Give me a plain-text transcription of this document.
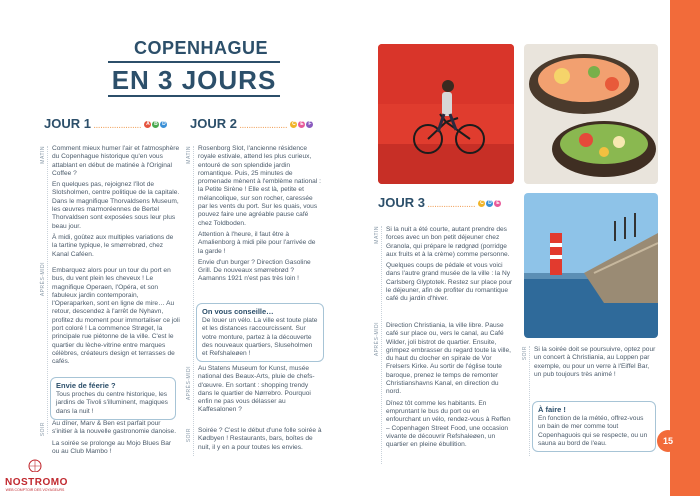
15
COPENHAGUE
EN 3 JOURS
JOUR 1 ..................... A B D
MATIN Comment mieux humer l'air et l'atmosphère du Copenhague historique qu'en vous attablant en début de matinée à l'Original Coffee ?

En quelques pas, rejoignez l'îlot de Slotsholmen, centre politique de la capitale. Dans le magnifique Thorvaldsens Museum, les œuvres marmoréennes de Bertel Thorvaldsen sont exposées sous leur plus beau jour.

À midi, goûtez aux multiples variations de la tartine typique, le smørrebrød, chez Kanal Caféen.

APRÈS-MIDI Embarquez alors pour un tour du port en bus, du vent plein les cheveux ! Le magnifique Operaen, l'Opéra, et son fabuleux jardin contemporain, l'Operaparken, sont en ligne de mire… Au retour, descendez à l'arrêt de Nyhavn, profitez du moment pour immortaliser ce joli port coloré ! La commence Strøget, la principale rue piétonne de la ville. C'est le quartier du lèche-vitrine entre marques célèbres, créateurs design et terrasses de cafés.

Envie de féerie ?
Tous proches du centre historique, les jardins de Tivoli s'illuminent, magiques dans la nuit !
SOIR Au dîner, Marv & Ben est parfait pour s'initier à la nouvelle gastronomie danoise.

La soirée se prolonge au Mojo Blues Bar ou au Club Mambo !

JOUR 2 ..................... C E F
MATIN Rosenborg Slot, l'ancienne résidence royale estivale, attend les plus curieux, entouré de son splendide jardin romantique. Puis, 25 minutes de promenade mènent à l'emblème national : la Petite Sirène ! Elle est là, petite et mélancolique, sur son rocher, caressée par les vents du port. Sur les quais, vous pouvez faire une agréable pause café chez Toldboden.

Attention à l'heure, il faut être à Amalienborg à midi pile pour l'arrivée de la garde !

Envie d'un burger ? Direction Gasoline Grill. De nouveaux smørrebrød ? Aamanns 1921 n'est pas très loin !

On vous conseille…
De louer un vélo. La ville est toute plate et les distances raccourcissent. Sur votre monture, partez à la découverte des nouveaux quartiers, Sluseholmen et Refshaleøen !
APRÈS-MIDI Au Statens Museum for Kunst, musée national des Beaux-Arts, pluie de chefs-d'œuvre. En sortant : shopping trendy dans le quartier de Nørrebro. Pourquoi enfin ne pas vous délasser au Kaffesalonen ?

SOIR Soirée ? C'est le début d'une folle soirée à Kødbyen ! Restaurants, bars, boîtes de nuit, il y en a pour toutes les envies.

JOUR 3 ..................... C D E
MATIN Si la nuit a été courte, autant prendre des forces avec un bon petit déjeuner chez Granola, qui prépare le rødgrød (porridge aux fruits et à la crème) comme personne.

Quelques coups de pédale et vous voici dans l'autre grand musée de la ville : la Ny Carlsberg Glyptotek. Restez sur place pour le déjeuner, afin de profiter du romantique café du jardin d'hiver.

APRÈS-MIDI Direction Christiania, la ville libre. Pause café sur place ou, vers le canal, au Café Wilder, joli bistrot de quartier. Ensuite, grimpez embrasser du regard toute la ville, du haut du clocher en spirale de Vor Frelsers Kirke. Au sortir de l'église toute baroque, prenez le temps de remonter Christianshavns Kanal, en direction du nord.

Dînez tôt comme les habitants. En empruntant le bus du port ou en enfourchant un vélo, rendez-vous à Reffen – Copenhagen Street Food, une occasion vivante de découvrir Refshaleøen, un quartier en pleine ébullition.

SOIR Si la soirée doit se poursuivre, optez pour un concert à Christiania, au Loppen par exemple, ou pour un verre à l'Eiffel Bar, un pub toujours très animé !

À faire !
En fonction de la météo, offrez-vous un bain de mer comme tout Copenhaguois qui se respecte, ou un sauna au bord de l'eau.
NOSTROMO
WEB COMPTOIR DES VOYAGEURS
